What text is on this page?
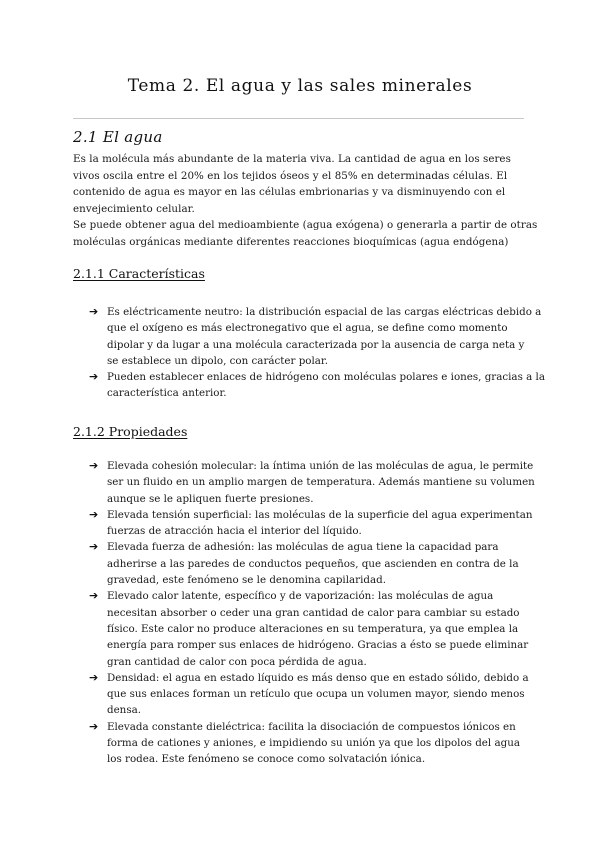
Tema 2. El agua y las sales minerales
2.1 El agua
Es la molécula más abundante de la materia viva. La cantidad de agua en los seres
vivos oscila entre el 20% en los tejidos óseos y el 85% en determinadas células. El
contenido de agua es mayor en las células embrionarias y va disminuyendo con el
envejecimiento celular.
Se puede obtener agua del medioambiente (agua exógena) o generarla a partir de otras
moléculas orgánicas mediante diferentes reacciones bioquímicas (agua endógena)
2.1.1 Características
➔ Es eléctricamente neutro: la distribución espacial de las cargas eléctricas debido a
que el oxígeno es más electronegativo que el agua, se define como momento
dipolar y da lugar a una molécula caracterizada por la ausencia de carga neta y
se establece un dipolo, con carácter polar.
➔ Pueden establecer enlaces de hidrógeno con moléculas polares e iones, gracias a la
característica anterior.
2.1.2 Propiedades
➔ Elevada cohesión molecular: la íntima unión de las moléculas de agua, le permite
ser un fluido en un amplio margen de temperatura. Además mantiene su volumen
aunque se le apliquen fuerte presiones.
➔ Elevada tensión superficial: las moléculas de la superficie del agua experimentan
fuerzas de atracción hacia el interior del líquido.
➔ Elevada fuerza de adhesión: las moléculas de agua tiene la capacidad para
adherirse a las paredes de conductos pequeños, que ascienden en contra de la
gravedad, este fenómeno se le denomina capilaridad.
➔ Elevado calor latente, específico y de vaporización: las moléculas de agua
necesitan absorber o ceder una gran cantidad de calor para cambiar su estado
físico. Este calor no produce alteraciones en su temperatura, ya que emplea la
energía para romper sus enlaces de hidrógeno. Gracias a ésto se puede eliminar
gran cantidad de calor con poca pérdida de agua.
➔ Densidad: el agua en estado líquido es más denso que en estado sólido, debido a
que sus enlaces forman un retículo que ocupa un volumen mayor, siendo menos
densa.
➔ Elevada constante dieléctrica: facilita la disociación de compuestos iónicos en
forma de cationes y aniones, e impidiendo su unión ya que los dipolos del agua
los rodea. Este fenómeno se conoce como solvatación iónica.
